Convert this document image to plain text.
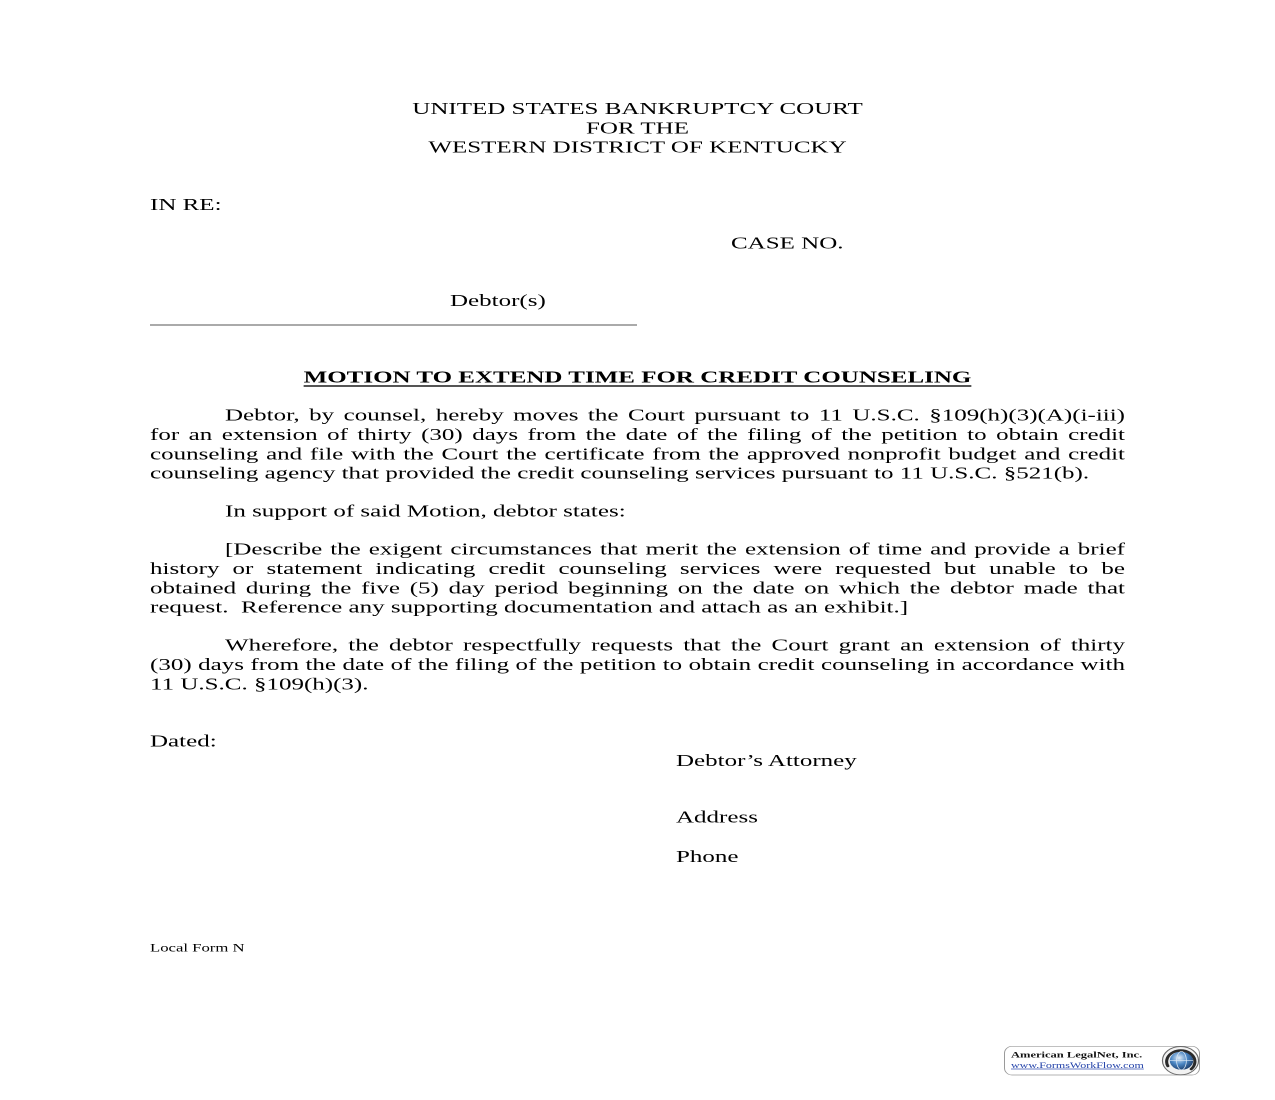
UNITED STATES BANKRUPTCY COURT
FOR THE
WESTERN DISTRICT OF KENTUCKY
IN RE:
CASE NO.
Debtor(s)
MOTION TO EXTEND TIME FOR CREDIT COUNSELING
Debtor, by counsel, hereby moves the Court pursuant to 11 U.S.C. §109(h)(3)(A)(i-iii)
for an extension of thirty (30) days from the date of the filing of the petition to obtain credit
counseling and file with the Court the certificate from the approved nonprofit budget and credit
counseling agency that provided the credit counseling services pursuant to 11 U.S.C. §521(b).
In support of said Motion, debtor states:
[Describe the exigent circumstances that merit the extension of time and provide a brief
history or statement indicating credit counseling services were requested but unable to be
obtained during the five (5) day period beginning on the date on which the debtor made that
request.  Reference any supporting documentation and attach as an exhibit.]
Wherefore, the debtor respectfully requests that the Court grant an extension of thirty
(30) days from the date of the filing of the petition to obtain credit counseling in accordance with
11 U.S.C. §109(h)(3).
Dated:
Debtor’s Attorney
Address
Phone
Local Form N
American LegalNet, Inc.
www.FormsWorkFlow.com
